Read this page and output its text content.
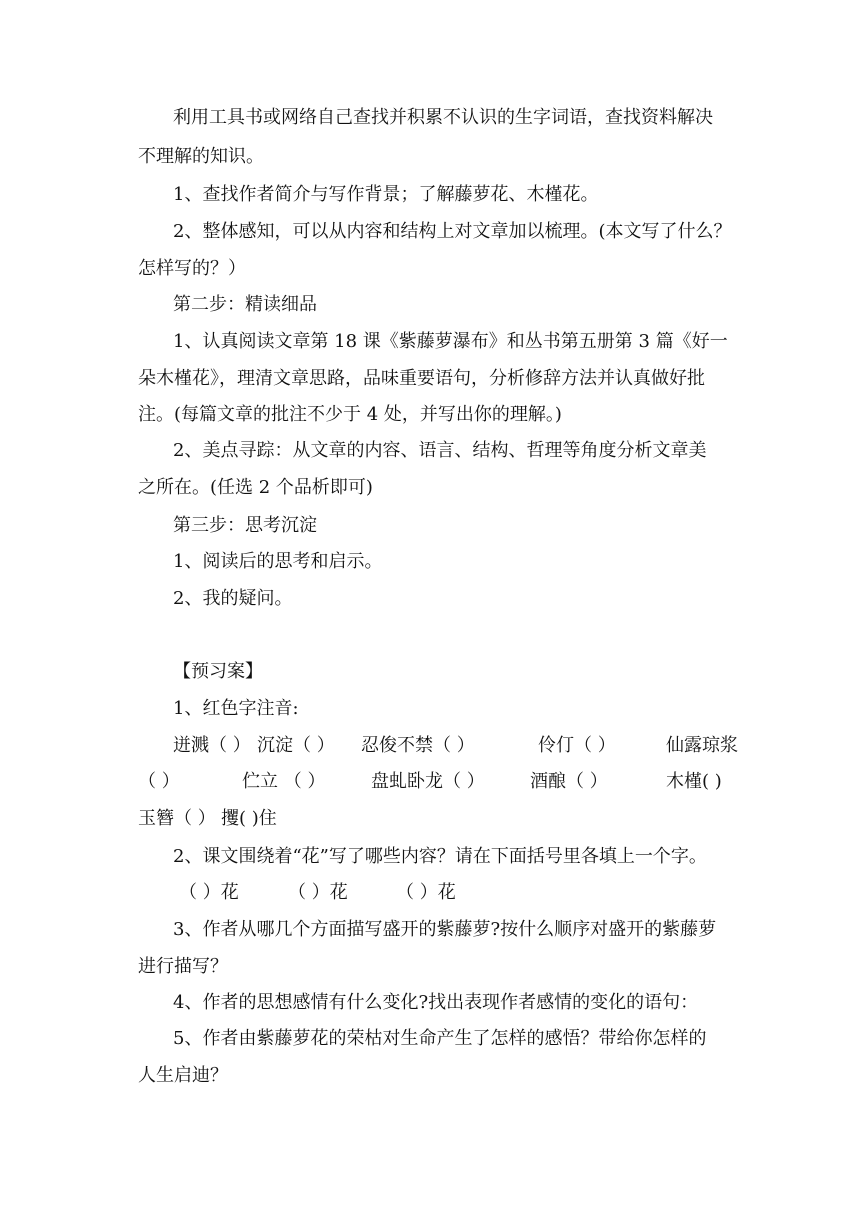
利用工具书或网络自己查找并积累不认识的生字词语，查找资料解决
不理解的知识。
1、查找作者简介与写作背景；了解藤萝花、木槿花。
2、整体感知，可以从内容和结构上对文章加以梳理。(本文写了什么？
怎样写的？）
第二步：精读细品
1、认真阅读文章第 18 课《紫藤萝瀑布》和丛书第五册第 3 篇《好一
朵木槿花》，理清文章思路，品味重要语句，分析修辞方法并认真做好批
注。(每篇文章的批注不少于 4 处，并写出你的理解。)
2、美点寻踪：从文章的内容、语言、结构、哲理等角度分析文章美
之所在。(任选 2 个品析即可)
第三步：思考沉淀
1、阅读后的思考和启示。
2、我的疑问。
【预习案】
1、红色字注音:
迸溅（ ） 沉淀（ ） 忍俊不禁（ ）	伶仃（ ）	仙露琼浆
（ ）	伫立 （ ）	盘虬卧龙（ ）	酒酿（ ）	木槿( )
玉簪（ ） 攫( )住
2、课文围绕着“花”写了哪些内容？请在下面括号里各填上一个字。
（ ）花	（ ）花	（ ）花
3、作者从哪几个方面描写盛开的紫藤萝?按什么顺序对盛开的紫藤萝
进行描写？
4、作者的思想感情有什么变化?找出表现作者感情的变化的语句：
5、作者由紫藤萝花的荣枯对生命产生了怎样的感悟？带给你怎样的
人生启迪？
